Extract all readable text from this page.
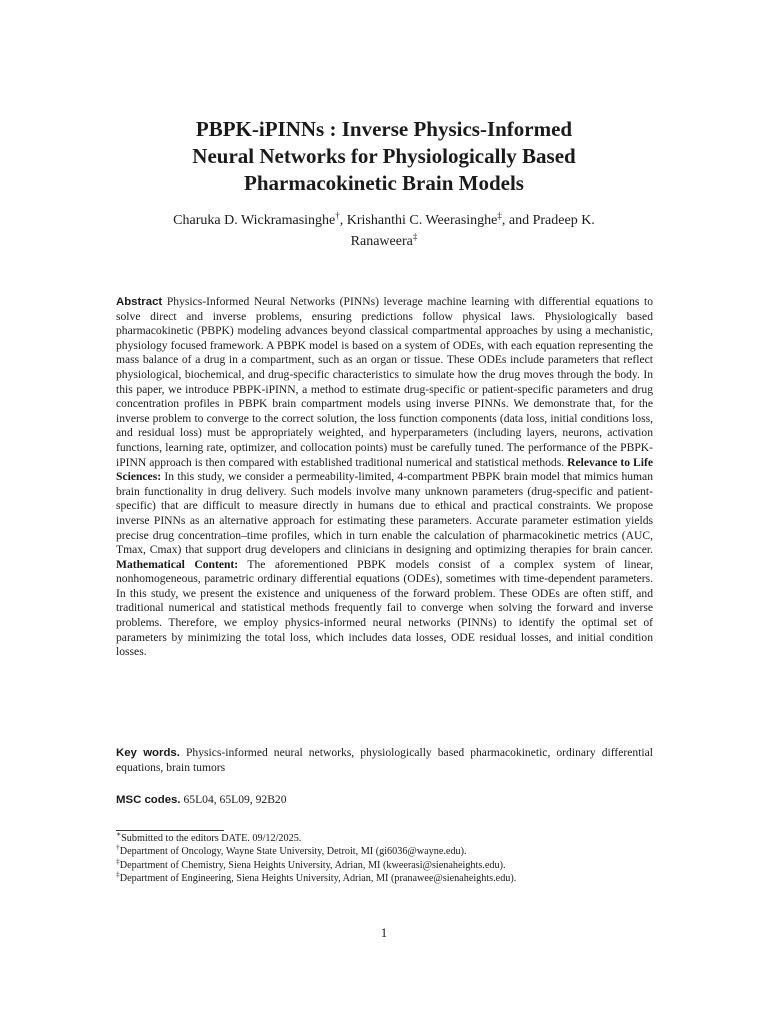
PBPK-iPINNs : Inverse Physics-Informed
Neural Networks for Physiologically Based
Pharmacokinetic Brain Models
Charuka D. Wickramasinghe†, Krishanthi C. Weerasinghe‡, and Pradeep K.
Ranaweera‡

Abstract Physics-Informed Neural Networks (PINNs) leverage machine learning with differential equations to solve direct and inverse problems, ensuring predictions follow physical laws. Physiologically based pharmacokinetic (PBPK) modeling advances beyond classical compartmental approaches by using a mechanistic, physiology focused framework. A PBPK model is based on a system of ODEs, with each equation representing the mass balance of a drug in a compartment, such as an organ or tissue. These ODEs include parameters that reflect physiological, biochemical, and drug-specific characteristics to simulate how the drug moves through the body. In this paper, we introduce PBPK-iPINN, a method to estimate drug-specific or patient-specific parameters and drug concentration profiles in PBPK brain compartment models using inverse PINNs. We demonstrate that, for the inverse problem to converge to the correct solution, the loss function components (data loss, initial conditions loss, and residual loss) must be appropriately weighted, and hyperparameters (including layers, neurons, activation functions, learning rate, optimizer, and collocation points) must be carefully tuned. The performance of the PBPK-iPINN approach is then compared with established traditional numerical and statistical methods. Relevance to Life Sciences: In this study, we consider a permeability-limited, 4-compartment PBPK brain model that mimics human brain functionality in drug delivery. Such models involve many unknown parameters (drug-specific and patient-specific) that are difficult to measure directly in humans due to ethical and practical constraints. We propose inverse PINNs as an alternative approach for estimating these parameters. Accurate parameter estimation yields precise drug concentration–time profiles, which in turn enable the calculation of pharmacokinetic metrics (AUC, Tmax, Cmax) that support drug developers and clinicians in designing and optimizing therapies for brain cancer. Mathematical Content: The aforementioned PBPK models consist of a complex system of linear, nonhomogeneous, parametric ordinary differential equations (ODEs), sometimes with time-dependent parameters. In this study, we present the existence and uniqueness of the forward problem. These ODEs are often stiff, and traditional numerical and statistical methods frequently fail to converge when solving the forward and inverse problems. Therefore, we employ physics-informed neural networks (PINNs) to identify the optimal set of parameters by minimizing the total loss, which includes data losses, ODE residual losses, and initial condition losses.

Key words. Physics-informed neural networks, physiologically based pharmacokinetic, ordinary differential equations, brain tumors

MSC codes. 65L04, 65L09, 92B20

∗Submitted to the editors DATE. 09/12/2025.
†Department of Oncology, Wayne State University, Detroit, MI (gi6036@wayne.edu).
‡Department of Chemistry, Siena Heights University, Adrian, MI (kweerasi@sienaheights.edu).
‡Department of Engineering, Siena Heights University, Adrian, MI (pranawee@sienaheights.edu).
1
